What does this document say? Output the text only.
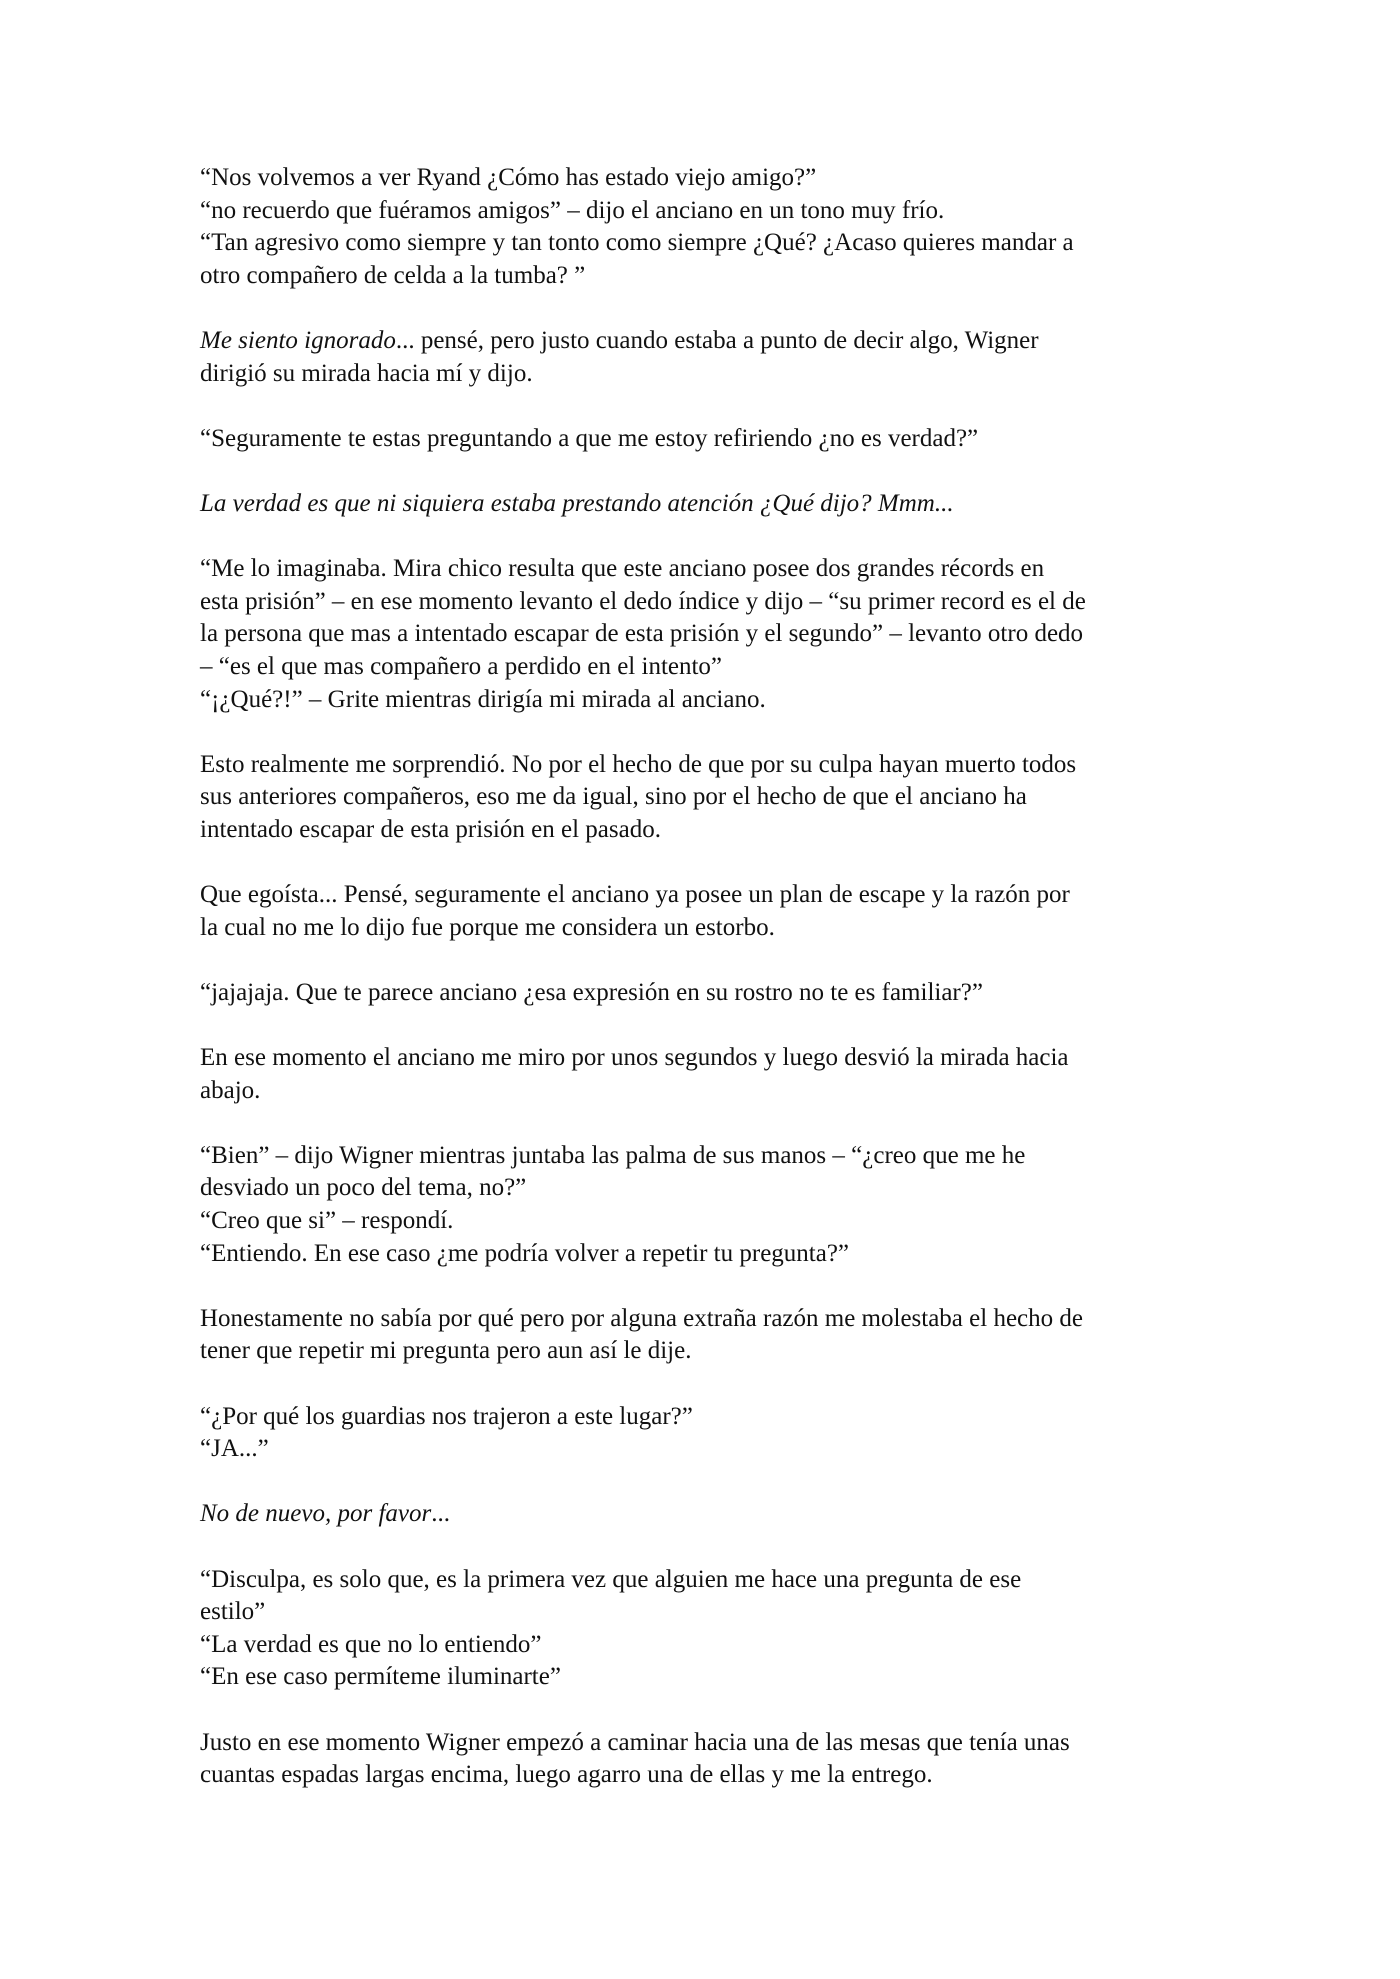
“Nos volvemos a ver Ryand ¿Cómo has estado viejo amigo?”
“no recuerdo que fuéramos amigos” – dijo el anciano en un tono muy frío.
“Tan agresivo como siempre y tan tonto como siempre ¿Qué? ¿Acaso quieres mandar a
otro compañero de celda a la tumba? ”
Me siento ignorado... pensé, pero justo cuando estaba a punto de decir algo, Wigner
dirigió su mirada hacia mí y dijo.
“Seguramente te estas preguntando a que me estoy refiriendo ¿no es verdad?”
La verdad es que ni siquiera estaba prestando atención ¿Qué dijo? Mmm...
“Me lo imaginaba. Mira chico resulta que este anciano posee dos grandes récords en
esta prisión” – en ese momento levanto el dedo índice y dijo – “su primer record es el de
la persona que mas a intentado escapar de esta prisión y el segundo” – levanto otro dedo
– “es el que mas compañero a perdido en el intento”
“¡¿Qué?!” – Grite mientras dirigía mi mirada al anciano.
Esto realmente me sorprendió. No por el hecho de que por su culpa hayan muerto todos
sus anteriores compañeros, eso me da igual, sino por el hecho de que el anciano ha
intentado escapar de esta prisión en el pasado.
Que egoísta... Pensé, seguramente el anciano ya posee un plan de escape y la razón por
la cual no me lo dijo fue porque me considera un estorbo.
“jajajaja. Que te parece anciano ¿esa expresión en su rostro no te es familiar?”
En ese momento el anciano me miro por unos segundos y luego desvió la mirada hacia
abajo.
“Bien” – dijo Wigner mientras juntaba las palma de sus manos – “¿creo que me he
desviado un poco del tema, no?”
“Creo que si” – respondí.
“Entiendo. En ese caso ¿me podría volver a repetir tu pregunta?”
Honestamente no sabía por qué pero por alguna extraña razón me molestaba el hecho de
tener que repetir mi pregunta pero aun así le dije.
“¿Por qué los guardias nos trajeron a este lugar?”
“JA...”
No de nuevo, por favor...
“Disculpa, es solo que, es la primera vez que alguien me hace una pregunta de ese
estilo”
“La verdad es que no lo entiendo”
“En ese caso permíteme iluminarte”
Justo en ese momento Wigner empezó a caminar hacia una de las mesas que tenía unas
cuantas espadas largas encima, luego agarro una de ellas y me la entrego.
